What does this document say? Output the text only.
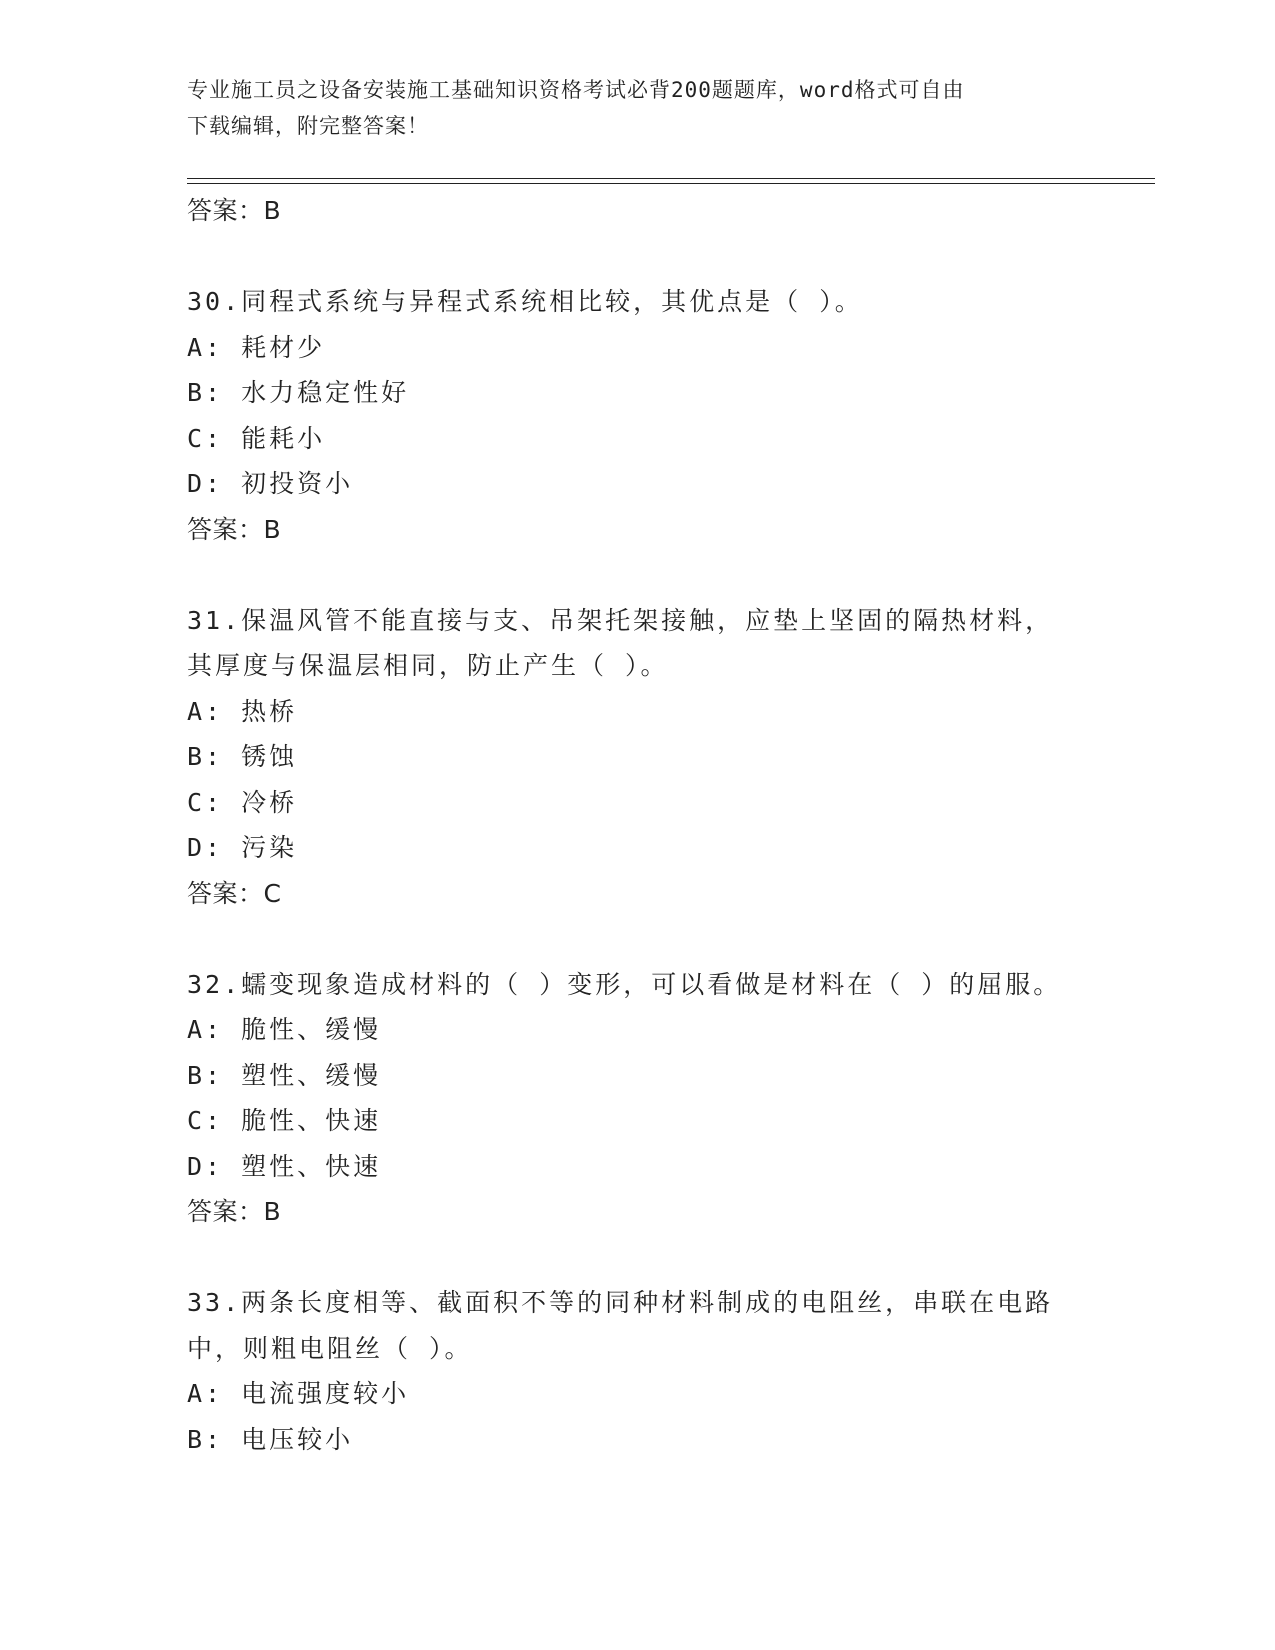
专业施工员之设备安装施工基础知识资格考试必背200题题库，word格式可自由
下载编辑，附完整答案！
答案：B
30.同程式系统与异程式系统相比较，其优点是（ ）。
A: 耗材少
B: 水力稳定性好
C: 能耗小
D: 初投资小
答案：B
31.保温风管不能直接与支、吊架托架接触，应垫上坚固的隔热材料，
其厚度与保温层相同，防止产生（ ）。
A: 热桥
B: 锈蚀
C: 冷桥
D: 污染
答案：C
32.蠕变现象造成材料的（ ）变形，可以看做是材料在（ ）的屈服。
A: 脆性、缓慢
B: 塑性、缓慢
C: 脆性、快速
D: 塑性、快速
答案：B
33.两条长度相等、截面积不等的同种材料制成的电阻丝，串联在电路
中，则粗电阻丝（ ）。
A: 电流强度较小
B: 电压较小
